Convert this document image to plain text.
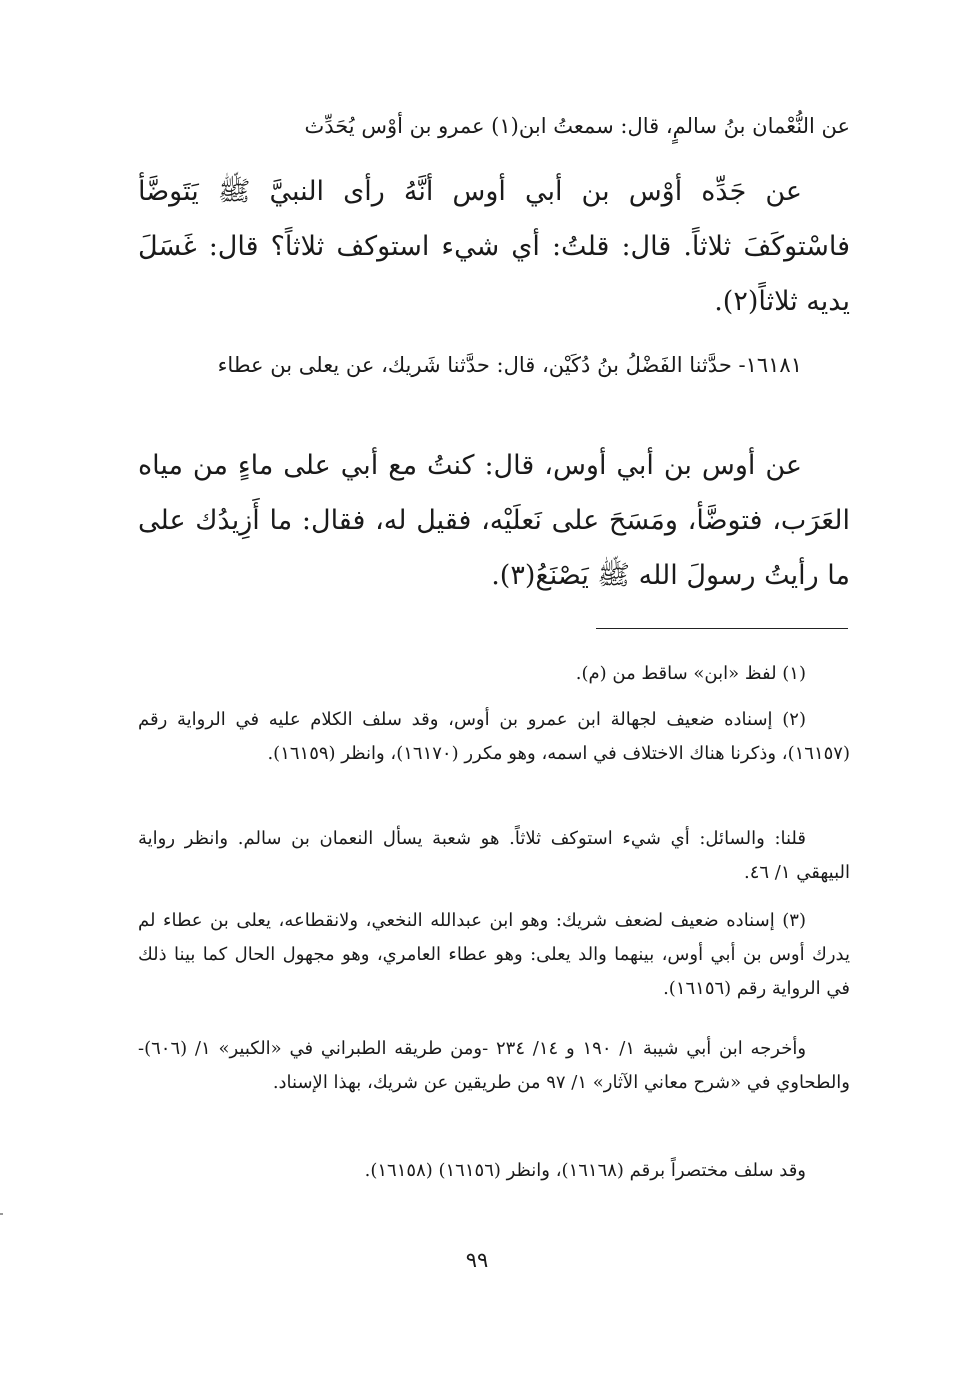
عن النُّعْمان بنُ سالمٍ، قال: سمعتُ ابن(١) عمرو بن أوْس يُحَدِّث

عن جَدِّه أوْس بن أبي أوس أنَّهُ رأى النبيَّ ﷺ يَتَوضَّأ فاسْتوكَفَ ثلاثاً. قال: قلتُ: أي شيء استوكف ثلاثاً؟ قال: غَسَلَ يديه ثلاثاً(٢).

١٦١٨١- حدَّثنا الفَضْلُ بنُ دُكَيْن، قال: حدَّثنا شَريك، عن يعلى بن عطاء

عن أوس بن أبي أوس، قال: كنتُ مع أبي على ماءٍ من مياه العَرَب، فتوضَّأ، ومَسَحَ على نَعلَيْه، فقيل له، فقال: ما أَزِيدُك على ما رأيتُ رسولَ الله ﷺ يَصْنَعُ(٣).

(١) لفظ «ابن» ساقط من (م).

(٢) إسناده ضعيف لجهالة ابن عمرو بن أوس، وقد سلف الكلام عليه في الرواية رقم (١٦١٥٧)، وذكرنا هناك الاختلاف في اسمه، وهو مكرر (١٦١٧٠)، وانظر (١٦١٥٩).

قلنا: والسائل: أي شيء استوكف ثلاثاً. هو شعبة يسأل النعمان بن سالم. وانظر رواية البيهقي ١/ ٤٦.

(٣) إسناده ضعيف لضعف شريك: وهو ابن عبدالله النخعي، ولانقطاعه، يعلى بن عطاء لم يدرك أوس بن أبي أوس، بينهما والد يعلى: وهو عطاء العامري، وهو مجهول الحال كما بينا ذلك في الرواية رقم (١٦١٥٦).

وأخرجه ابن أبي شيبة ١/ ١٩٠ و ١٤/ ٢٣٤ -ومن طريقه الطبراني في «الكبير» ١/ (٦٠٦)- والطحاوي في «شرح معاني الآثار» ١/ ٩٧ من طريقين عن شريك، بهذا الإسناد.

وقد سلف مختصراً برقم (١٦١٦٨)، وانظر (١٦١٥٦) (١٦١٥٨).

٩٩
